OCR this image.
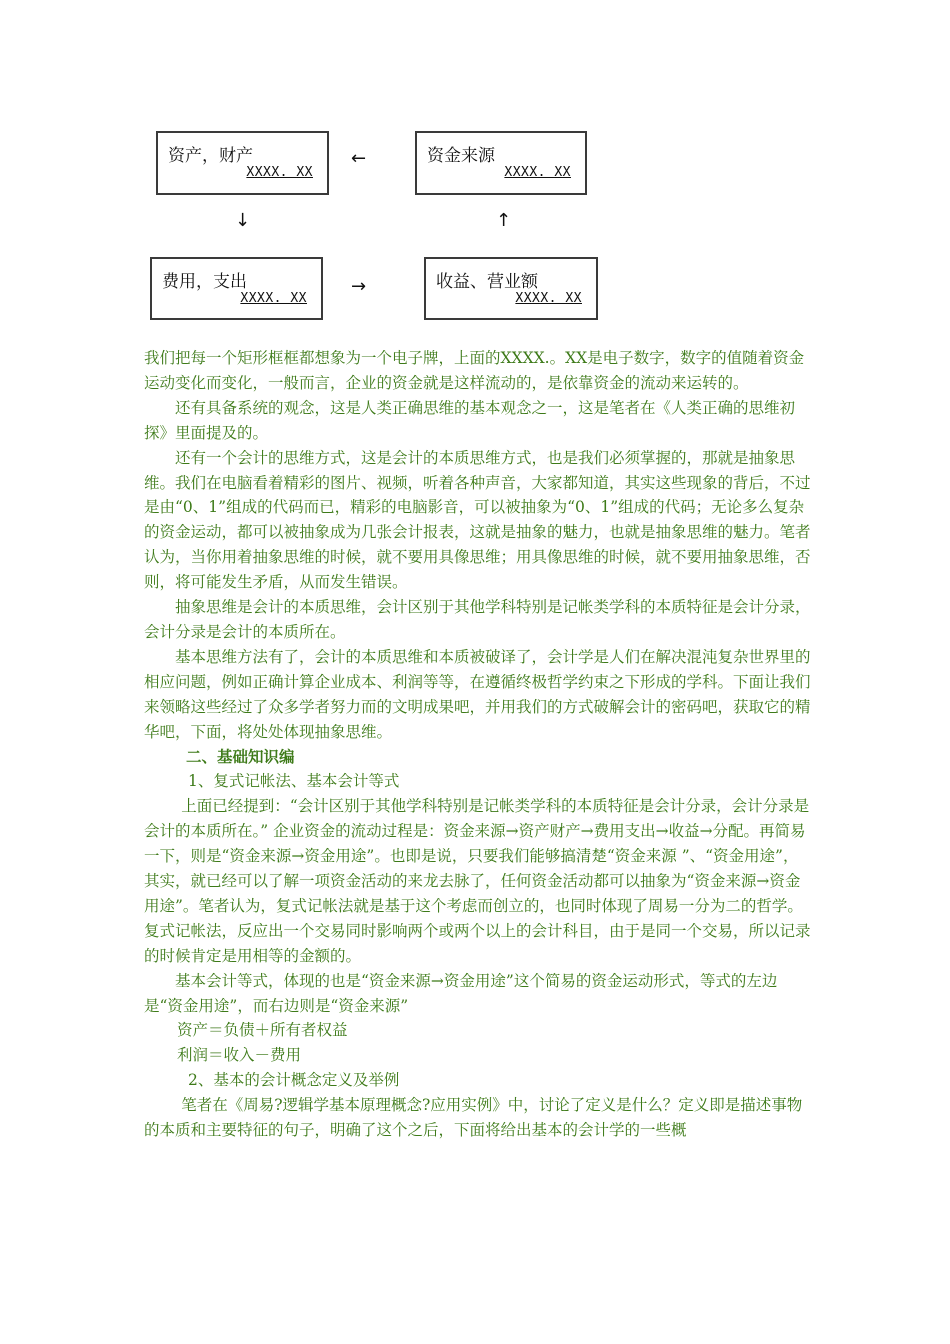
资产，财产
XXXX. XX
资金来源
XXXX. XX
费用，支出
XXXX. XX
收益、营业额
XXXX. XX
←
↓	↑
→

我们把每一个矩形框框都想象为一个电子牌，上面的XXXX.。XX是电子数字，数字的值随着资金运动变化而变化，一般而言，企业的资金就是这样流动的，是依靠资金的流动来运转的。

还有具备系统的观念，这是人类正确思维的基本观念之一，这是笔者在《人类正确的思维初探》里面提及的。

还有一个会计的思维方式，这是会计的本质思维方式，也是我们必须掌握的，那就是抽象思维。我们在电脑看着精彩的图片、视频，听着各种声音，大家都知道，其实这些现象的背后，不过是由“0、1”组成的代码而已，精彩的电脑影音，可以被抽象为“0、1”组成的代码；无论多么复杂的资金运动，都可以被抽象成为几张会计报表，这就是抽象的魅力，也就是抽象思维的魅力。笔者认为，当你用着抽象思维的时候，就不要用具像思维；用具像思维的时候，就不要用抽象思维，否则，将可能发生矛盾，从而发生错误。

抽象思维是会计的本质思维，会计区别于其他学科特别是记帐类学科的本质特征是会计分录，会计分录是会计的本质所在。

基本思维方法有了，会计的本质思维和本质被破译了，会计学是人们在解决混沌复杂世界里的相应问题，例如正确计算企业成本、利润等等，在遵循终极哲学约束之下形成的学科。下面让我们来领略这些经过了众多学者努力而的文明成果吧，并用我们的方式破解会计的密码吧，获取它的精华吧，下面，将处处体现抽象思维。

二、基础知识编

1、复式记帐法、基本会计等式

上面已经提到：“会计区别于其他学科特别是记帐类学科的本质特征是会计分录，会计分录是会计的本质所在。” 企业资金的流动过程是：资金来源→资产财产→费用支出→收益→分配。再简易一下，则是“资金来源→资金用途”。也即是说，只要我们能够搞清楚“资金来源 ”、“资金用途”，其实，就已经可以了解一项资金活动的来龙去脉了，任何资金活动都可以抽象为“资金来源→资金用途”。笔者认为，复式记帐法就是基于这个考虑而创立的，也同时体现了周易一分为二的哲学。复式记帐法，反应出一个交易同时影响两个或两个以上的会计科目，由于是同一个交易，所以记录的时候肯定是用相等的金额的。

基本会计等式，体现的也是“资金来源→资金用途”这个简易的资金运动形式，等式的左边是“资金用途”，而右边则是“资金来源”

资产＝负债＋所有者权益

利润＝收入－费用

2、基本的会计概念定义及举例

笔者在《周易?逻辑学基本原理概念?应用实例》中，讨论了定义是什么？定义即是描述事物的本质和主要特征的句子，明确了这个之后，下面将给出基本的会计学的一些概
